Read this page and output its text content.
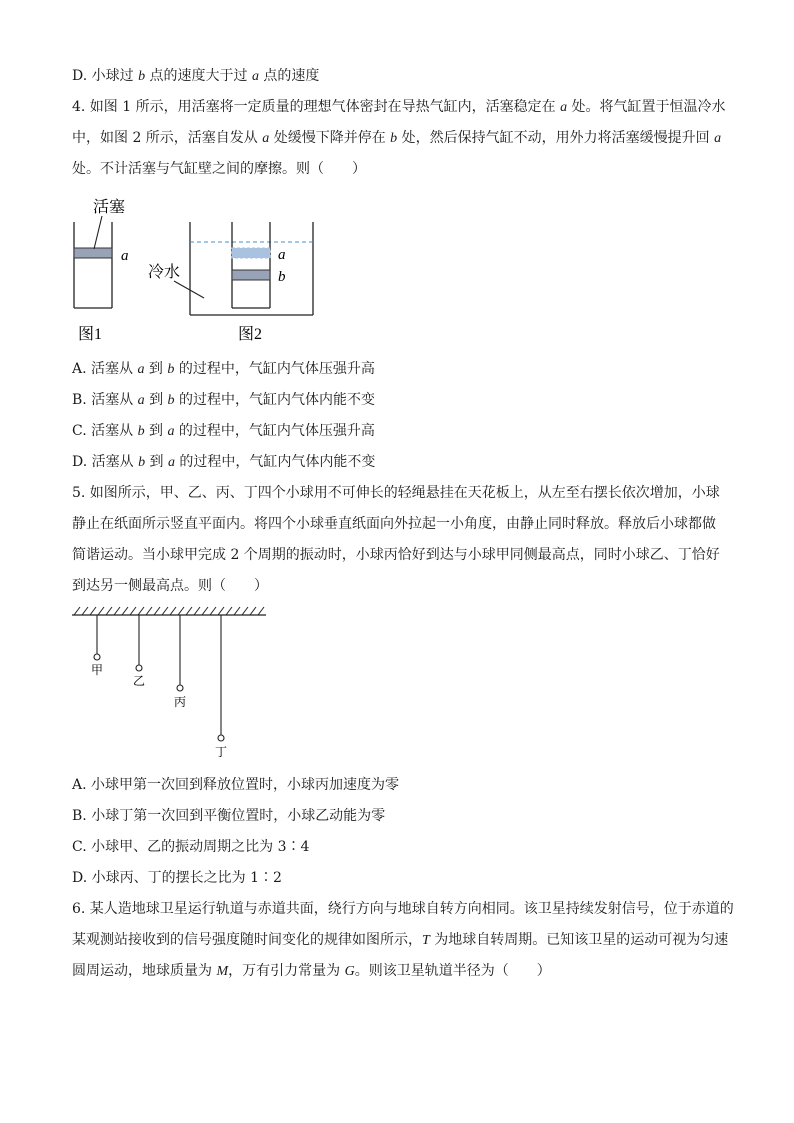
D. 小球过 b 点的速度大于过 a 点的速度
4. 如图 1 所示，用活塞将一定质量的理想气体密封在导热气缸内，活塞稳定在 a 处。将气缸置于恒温冷水
中，如图 2 所示，活塞自发从 a 处缓慢下降并停在 b 处，然后保持气缸不动，用外力将活塞缓慢提升回 a
处。不计活塞与气缸壁之间的摩擦。则（　　）
活塞
a
图1
a
b
冷水
图2
A. 活塞从 a 到 b 的过程中，气缸内气体压强升高
B. 活塞从 a 到 b 的过程中，气缸内气体内能不变
C. 活塞从 b 到 a 的过程中，气缸内气体压强升高
D. 活塞从 b 到 a 的过程中，气缸内气体内能不变
5. 如图所示，甲、乙、丙、丁四个小球用不可伸长的轻绳悬挂在天花板上，从左至右摆长依次增加，小球
静止在纸面所示竖直平面内。将四个小球垂直纸面向外拉起一小角度，由静止同时释放。释放后小球都做
简谐运动。当小球甲完成 2 个周期的振动时，小球丙恰好到达与小球甲同侧最高点，同时小球乙、丁恰好
到达另一侧最高点。则（　　）
甲
乙
丙
丁
A. 小球甲第一次回到释放位置时，小球丙加速度为零
B. 小球丁第一次回到平衡位置时，小球乙动能为零
C. 小球甲、乙的振动周期之比为 3∶4
D. 小球丙、丁的摆长之比为 1∶2
6. 某人造地球卫星运行轨道与赤道共面，绕行方向与地球自转方向相同。该卫星持续发射信号，位于赤道的
某观测站接收到的信号强度随时间变化的规律如图所示，T 为地球自转周期。已知该卫星的运动可视为匀速
圆周运动，地球质量为 M，万有引力常量为 G。则该卫星轨道半径为（　　）
